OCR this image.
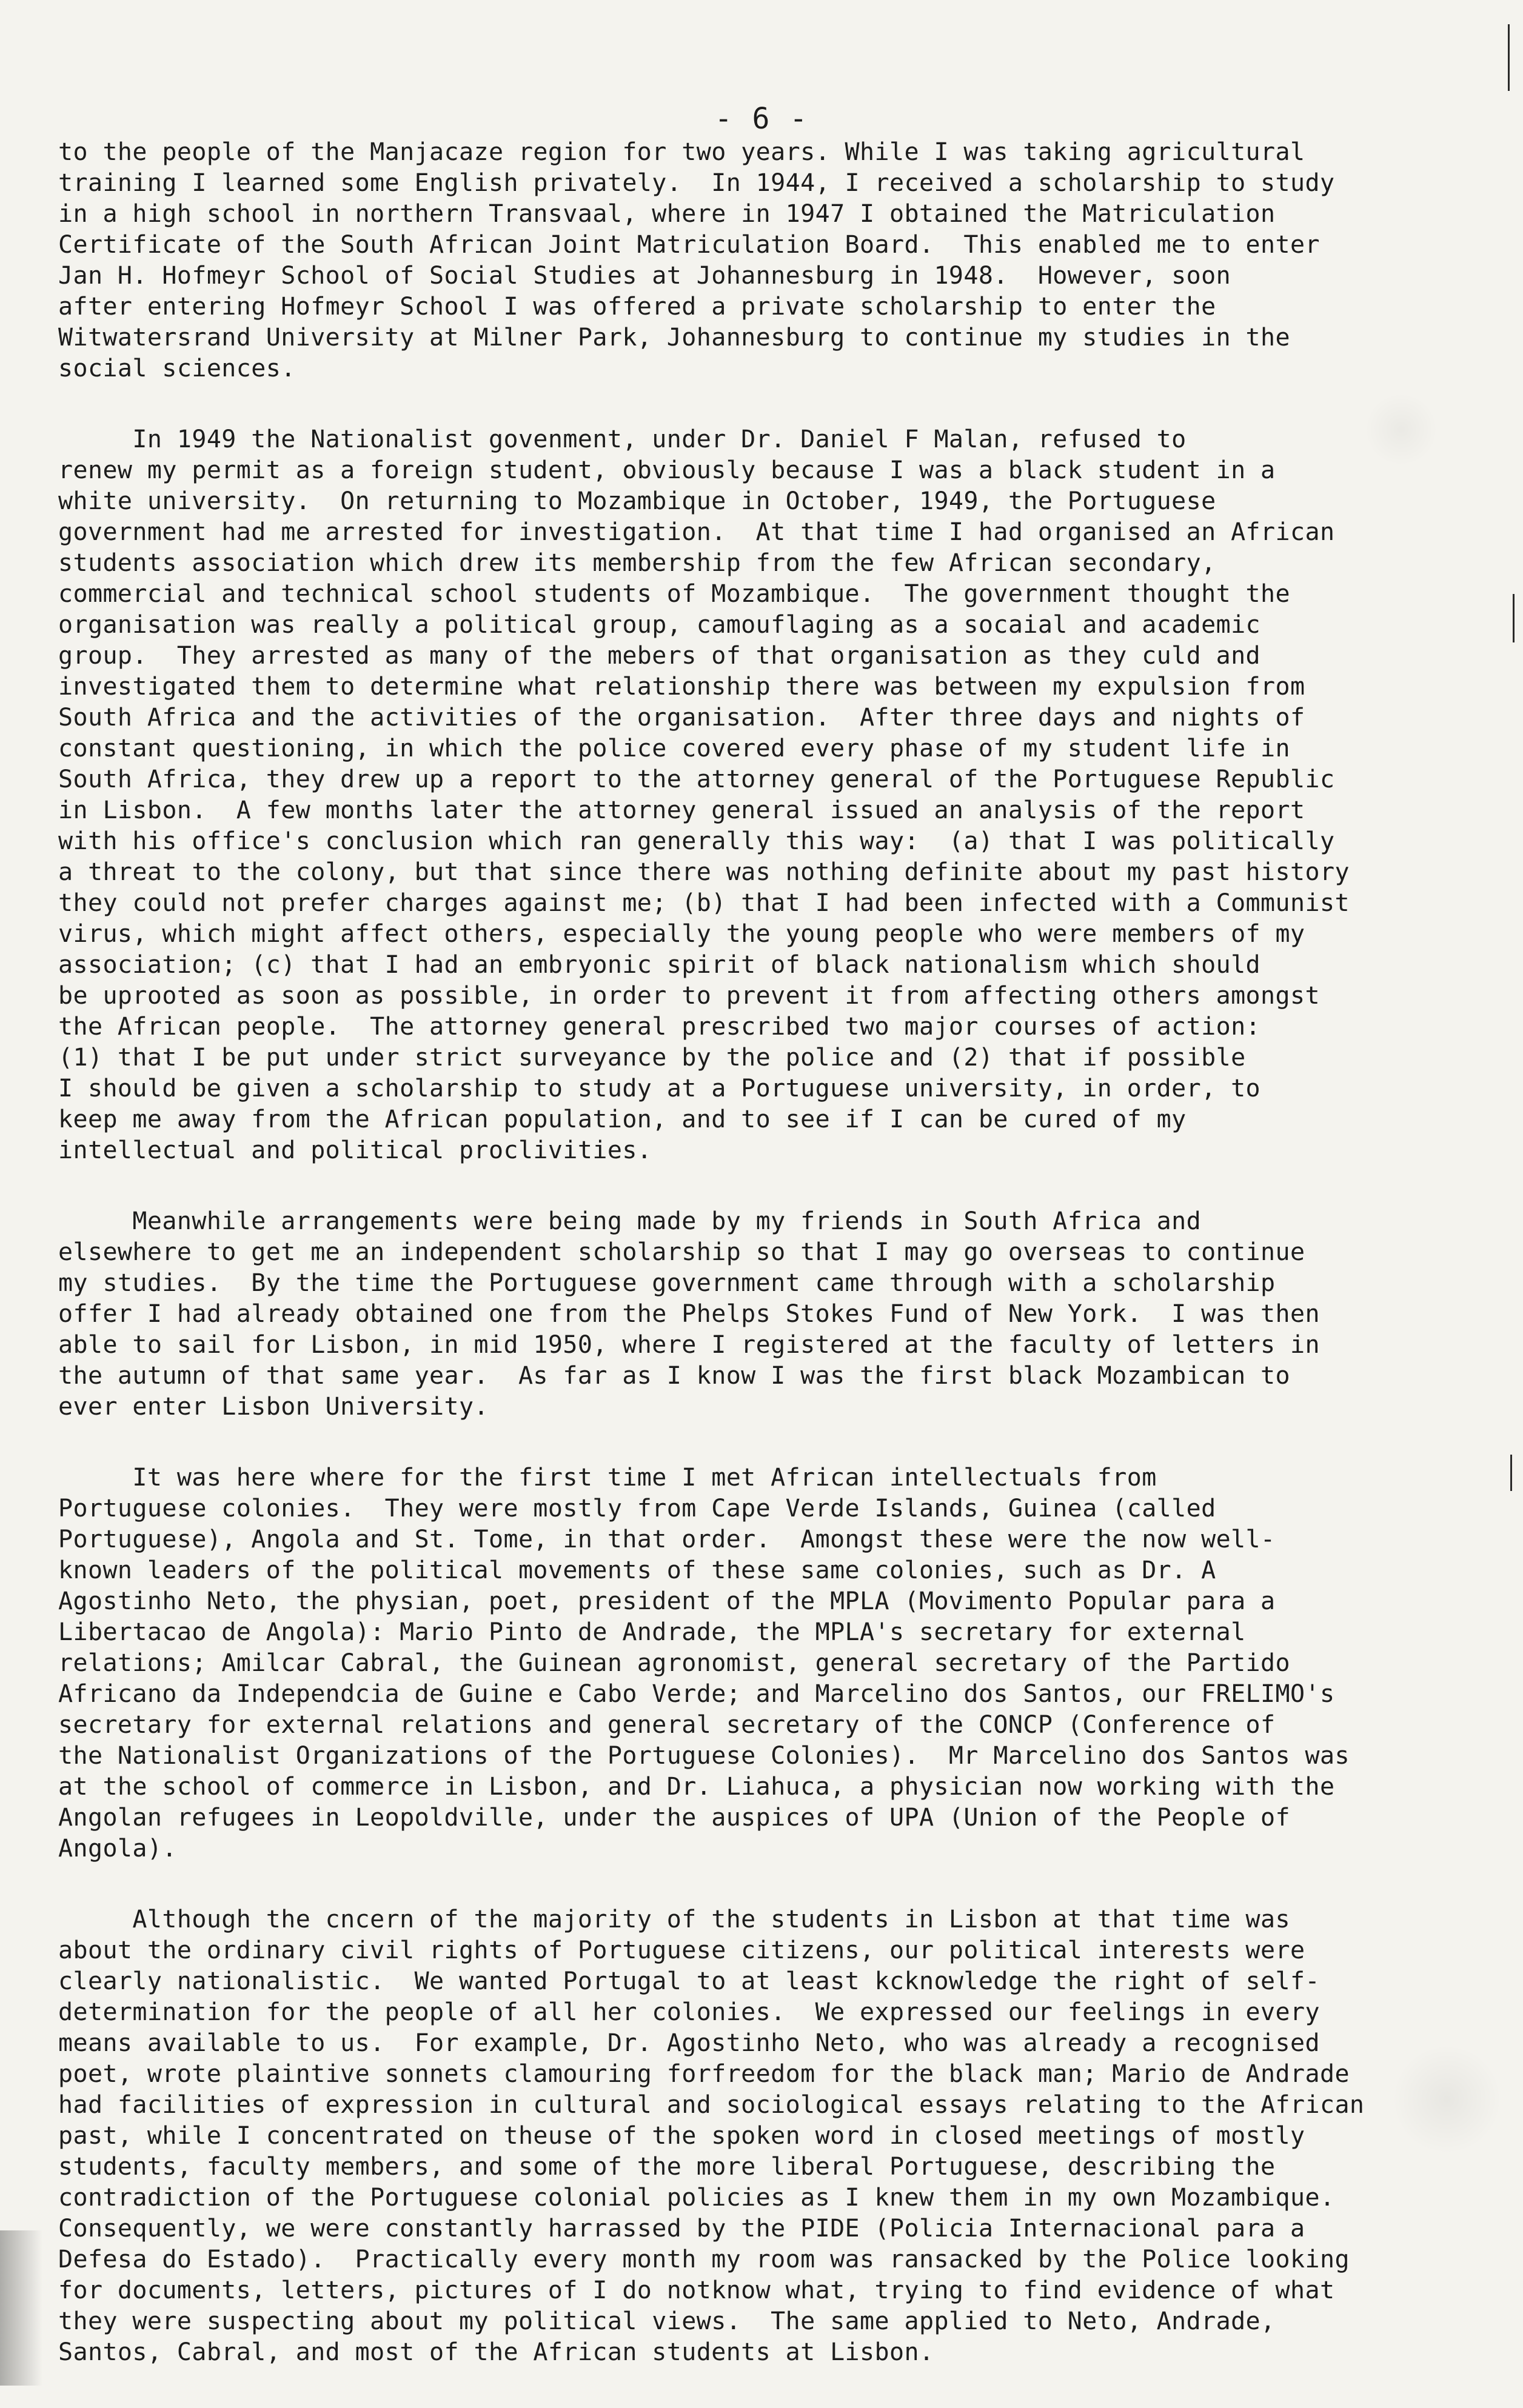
- 6 -
to the people of the Manjacaze region for two years. While I was taking agricultural
training I learned some English privately.  In 1944, I received a scholarship to study
in a high school in northern Transvaal, where in 1947 I obtained the Matriculation
Certificate of the South African Joint Matriculation Board.  This enabled me to enter
Jan H. Hofmeyr School of Social Studies at Johannesburg in 1948.  However, soon
after entering Hofmeyr School I was offered a private scholarship to enter the
Witwatersrand University at Milner Park, Johannesburg to continue my studies in the
social sciences.
In 1949 the Nationalist govenment, under Dr. Daniel F Malan, refused to
renew my permit as a foreign student, obviously because I was a black student in a
white university.  On returning to Mozambique in October, 1949, the Portuguese
government had me arrested for investigation.  At that time I had organised an African
students association which drew its membership from the few African secondary,
commercial and technical school students of Mozambique.  The government thought the
organisation was really a political group, camouflaging as a socaial and academic
group.  They arrested as many of the mebers of that organisation as they culd and
investigated them to determine what relationship there was between my expulsion from
South Africa and the activities of the organisation.  After three days and nights of
constant questioning, in which the police covered every phase of my student life in
South Africa, they drew up a report to the attorney general of the Portuguese Republic
in Lisbon.  A few months later the attorney general issued an analysis of the report
with his office's conclusion which ran generally this way:  (a) that I was politically
a threat to the colony, but that since there was nothing definite about my past history
they could not prefer charges against me; (b) that I had been infected with a Communist
virus, which might affect others, especially the young people who were members of my
association; (c) that I had an embryonic spirit of black nationalism which should
be uprooted as soon as possible, in order to prevent it from affecting others amongst
the African people.  The attorney general prescribed two major courses of action:
(1) that I be put under strict surveyance by the police and (2) that if possible
I should be given a scholarship to study at a Portuguese university, in order, to
keep me away from the African population, and to see if I can be cured of my
intellectual and political proclivities.
Meanwhile arrangements were being made by my friends in South Africa and
elsewhere to get me an independent scholarship so that I may go overseas to continue
my studies.  By the time the Portuguese government came through with a scholarship
offer I had already obtained one from the Phelps Stokes Fund of New York.  I was then
able to sail for Lisbon, in mid 1950, where I registered at the faculty of letters in
the autumn of that same year.  As far as I know I was the first black Mozambican to
ever enter Lisbon University.
It was here where for the first time I met African intellectuals from
Portuguese colonies.  They were mostly from Cape Verde Islands, Guinea (called
Portuguese), Angola and St. Tome, in that order.  Amongst these were the now well-
known leaders of the political movements of these same colonies, such as Dr. A
Agostinho Neto, the physian, poet, president of the MPLA (Movimento Popular para a
Libertacao de Angola): Mario Pinto de Andrade, the MPLA's secretary for external
relations; Amilcar Cabral, the Guinean agronomist, general secretary of the Partido
Africano da Independcia de Guine e Cabo Verde; and Marcelino dos Santos, our FRELIMO's
secretary for external relations and general secretary of the CONCP (Conference of
the Nationalist Organizations of the Portuguese Colonies).  Mr Marcelino dos Santos was
at the school of commerce in Lisbon, and Dr. Liahuca, a physician now working with the
Angolan refugees in Leopoldville, under the auspices of UPA (Union of the People of
Angola).
Although the cncern of the majority of the students in Lisbon at that time was
about the ordinary civil rights of Portuguese citizens, our political interests were
clearly nationalistic.  We wanted Portugal to at least kcknowledge the right of self-
determination for the people of all her colonies.  We expressed our feelings in every
means available to us.  For example, Dr. Agostinho Neto, who was already a recognised
poet, wrote plaintive sonnets clamouring forfreedom for the black man; Mario de Andrade
had facilities of expression in cultural and sociological essays relating to the African
past, while I concentrated on theuse of the spoken word in closed meetings of mostly
students, faculty members, and some of the more liberal Portuguese, describing the
contradiction of the Portuguese colonial policies as I knew them in my own Mozambique.
Consequently, we were constantly harrassed by the PIDE (Policia Internacional para a
Defesa do Estado).  Practically every month my room was ransacked by the Police looking
for documents, letters, pictures of I do notknow what, trying to find evidence of what
they were suspecting about my political views.  The same applied to Neto, Andrade,
Santos, Cabral, and most of the African students at Lisbon.
